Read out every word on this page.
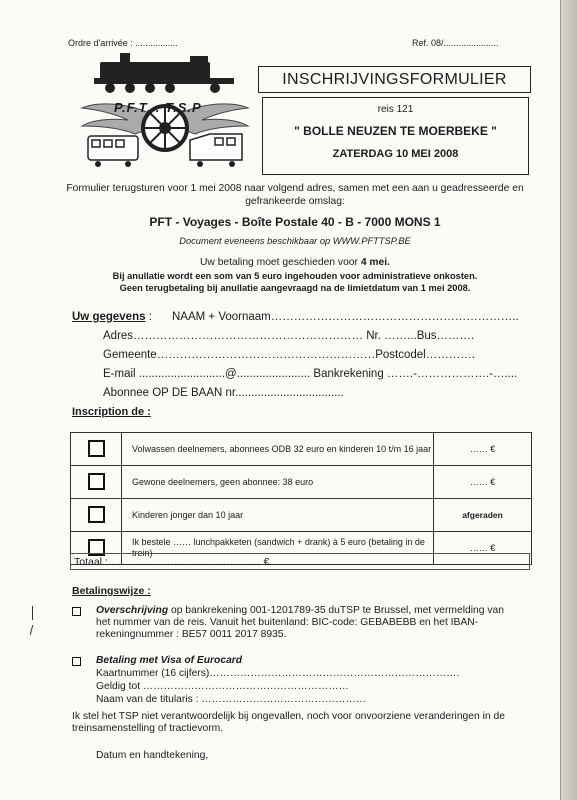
Ordre d'arrivée : .................	Ref. 08/......................
P.F.T. . T.S.P
INSCHRIJVINGSFORMULIER
reis 121
" BOLLE NEUZEN TE MOERBEKE "
ZATERDAG 10 MEI 2008
Formulier terugsturen voor 1 mei 2008 naar volgend adres, samen met een aan u geadresseerde en gefrankeerde omslag:
PFT - Voyages - Boîte Postale 40 - B - 7000 MONS 1
Document eveneens beschikbaar op WWW.PFTTSP.BE
Uw betaling moet geschieden voor 4 mei.
Bij anullatie wordt een som van 5 euro ingehouden voor administratieve onkosten.
Geen terugbetaling bij anullatie aangevraagd na de limietdatum van 1 mei 2008.
Uw gegevens : NAAM + Voornaam………………………………………………………..
Adres…………………………………………………… Nr. ……...Bus……….
Gemeente…………………………………………………Postcodel………….
E-mail ...........................@....................... Bankrekening …….-……………….-…....
Abonnee OP DE BAAN nr..................................
Inscription de :
	Volwassen deelnemers, abonnees ODB 32 euro en kinderen 10 t/m 16 jaar	…… €
	Gewone deelnemers, geen abonnee: 38 euro	…… €
	Kinderen jonger dan 10 jaar	afgeraden
	Ik bestele …… lunchpakketen (sandwich + drank) à 5 euro (betaling in de trein)	…… €
Totaal : ……………………………………. €
Betalingswijze :
Overschrijving op bankrekening 001-1201789-35 duTSP te Brussel, met vermelding van het nummer van de reis. Vanuit het buitenland: BIC-code: GEBABEBB en het IBAN-rekeningnummer : BE57 0011 2017 8935.
Betaling met Visa of Eurocard
Kaartnummer (16 cijfers)……………………………………………………………….
Geldig tot ……………………………………………………
Naam van de titularis : …………………………………………
Ik stel het TSP niet verantwoordelijk bij ongevallen, noch voor onvoorziene veranderingen in de treinsamenstelling of tractievorm.
Datum en handtekening,
